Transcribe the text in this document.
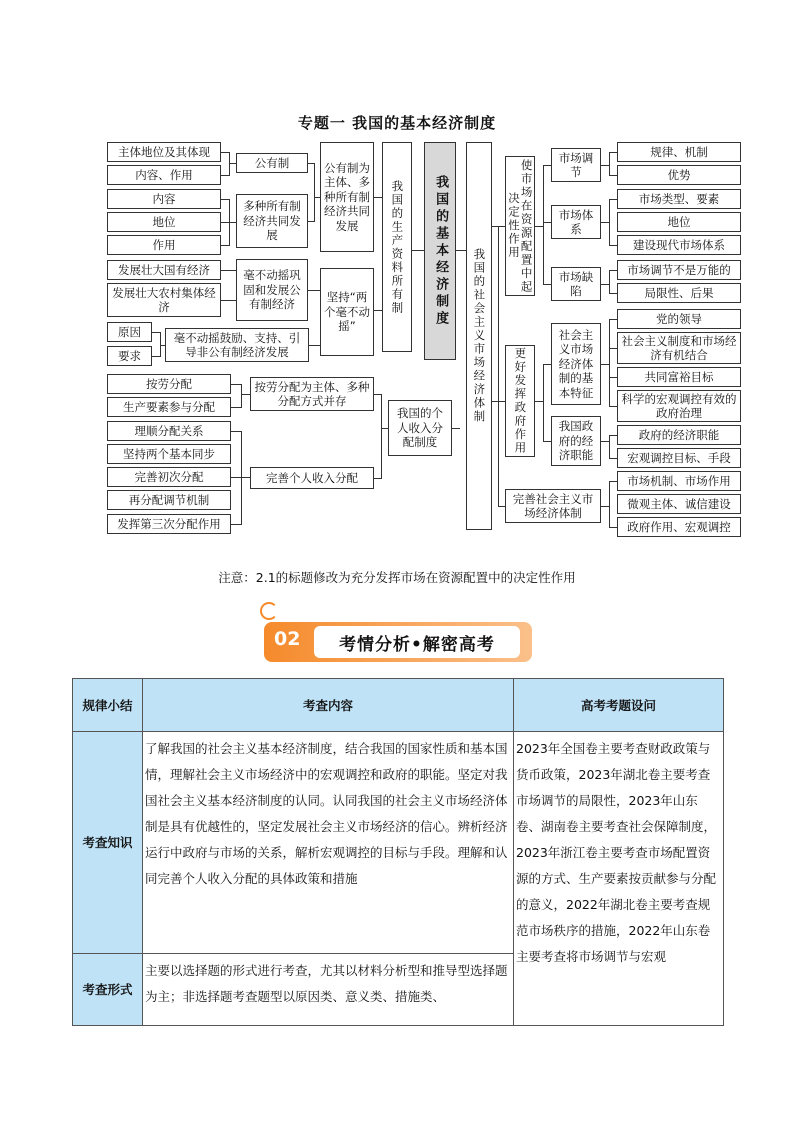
专题一 我国的基本经济制度
主体地位及其体现
内容、作用
内容
地位
作用
发展壮大国有经济
发展壮大农村集体经济
原因
要求
公有制
多种所有制经济共同发展
毫不动摇巩固和发展公有制经济
毫不动摇鼓励、支持、引导非公有制经济发展
公有制为主体、多种所有制经济共同发展
坚持“两个毫不动摇”
我国的生产资料所有制	我国的基本经济制度
按劳分配
生产要素参与分配
理顺分配关系
坚持两个基本同步
完善初次分配
再分配调节机制
发挥第三次分配作用
按劳分配为主体、多种分配方式并存
完善个人收入分配
我国的个人收入分配制度
我国的社会主义市场经济体制
使市场在资源配置中起决定性作用
市场调节
市场体系
市场缺陷
规律、机制
优势
市场类型、要素
地位
建设现代市场体系
市场调节不是万能的
局限性、后果
更好发挥政府作用
社会主义市场经济体制的基本特征
我国政府的经济职能
党的领导
社会主义制度和市场经济有机结合
共同富裕目标
科学的宏观调控有效的政府治理
政府的经济职能
宏观调控目标、手段
完善社会主义市场经济体制
市场机制、市场作用
微观主体、诚信建设
政府作用、宏观调控
注意：2.1的标题修改为充分发挥市场在资源配置中的决定性作用
02	考情分析•解密高考
规律小结	考查内容	高考考题设问
考查知识	了解我国的社会主义基本经济制度，结合我国的国家性质和基本国情，理解社会主义市场经济中的宏观调控和政府的职能。坚定对我国社会主义基本经济制度的认同。认同我国的社会主义市场经济体制是具有优越性的，坚定发展社会主义市场经济的信心。辨析经济运行中政府与市场的关系，解析宏观调控的目标与手段。理解和认同完善个人收入分配的具体政策和措施	2023年全国卷主要考查财政政策与货币政策，2023年湖北卷主要考查市场调节的局限性，2023年山东卷、湖南卷主要考查社会保障制度，2023年浙江卷主要考查市场配置资源的方式、生产要素按贡献参与分配的意义，2022年湖北卷主要考查规范市场秩序的措施，2022年山东卷主要考查将市场调节与宏观
考查形式	主要以选择题的形式进行考查，尤其以材料分析型和推导型选择题为主；非选择题考查题型以原因类、意义类、措施类、	
